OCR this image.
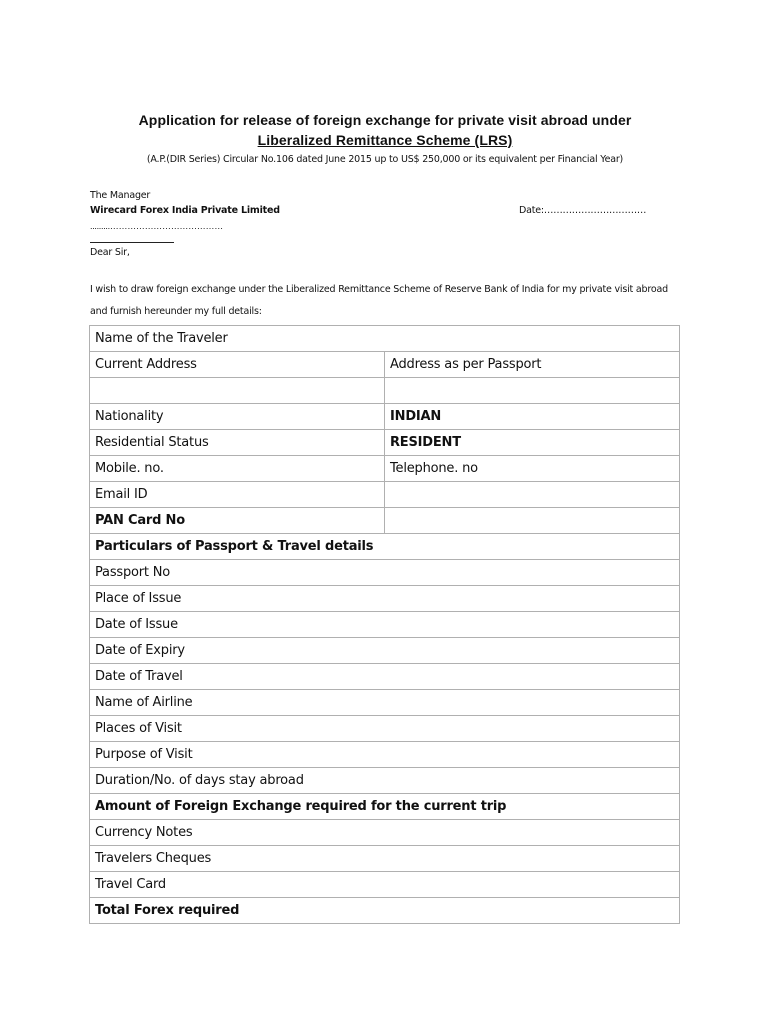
Application for release of foreign exchange for private visit abroad under
Liberalized Remittance Scheme (LRS)
(A.P.(DIR Series) Circular No.106 dated June 2015 up to US$ 250,000 or its equivalent per Financial Year)
The Manager
Wirecard Forex India Private Limited	Date:……………………………
.........…………………………………
Dear Sir,
I wish to draw foreign exchange under the Liberalized Remittance Scheme of Reserve Bank of India for my private visit abroad
and furnish hereunder my full details:
Name of the Traveler	
Current Address	Address as per Passport

Nationality	INDIAN
Residential Status	RESIDENT
Mobile. no.	Telephone. no
Email ID	
PAN Card No	
Particulars of Passport & Travel details	
Passport No	
Place of Issue	
Date of Issue	
Date of Expiry	
Date of Travel	
Name of Airline	
Places of Visit	
Purpose of Visit	
Duration/No. of days stay abroad	
Amount of Foreign Exchange required for the current trip	
Currency Notes	
Travelers Cheques	
Travel Card	
Total Forex required	
